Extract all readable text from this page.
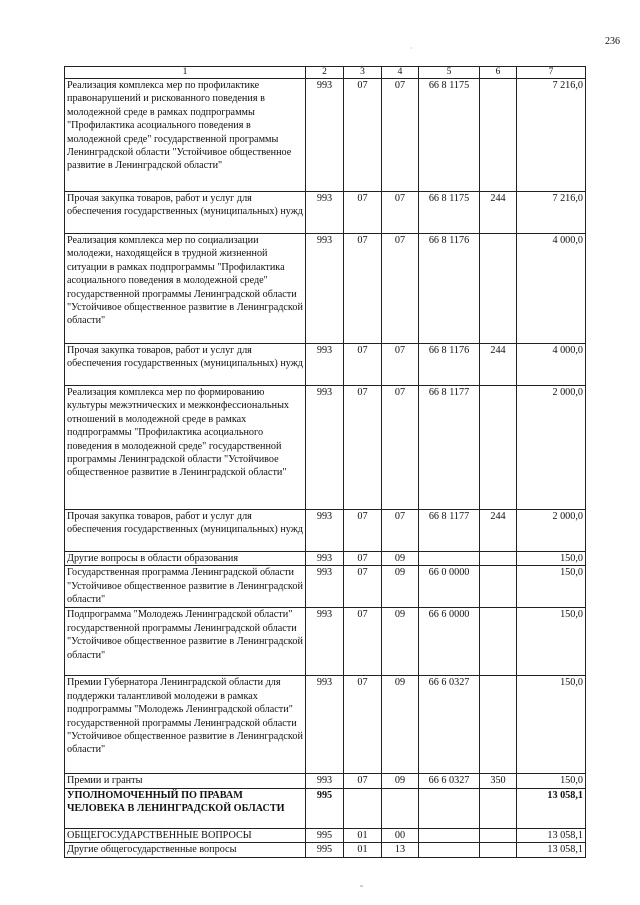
236
·
1	2	3	4	5	6	7
Реализация комплекса мер по профилактике правонарушений и рискованного поведения в молодежной среде в рамках подпрограммы "Профилактика асоциального поведения в молодежной среде" государственной программы Ленинградской области "Устойчивое общественное развитие в Ленинградской области"	993	07	07	66 8 1175		7 216,0
Прочая закупка товаров, работ и услуг для обеспечения государственных (муниципальных) нужд	993	07	07	66 8 1175	244	7 216,0
Реализация комплекса мер по социализации молодежи, находящейся в трудной жизненной ситуации в рамках подпрограммы "Профилактика асоциального поведения в молодежной среде" государственной программы Ленинградской области "Устойчивое общественное развитие в Ленинградской области"	993	07	07	66 8 1176		4 000,0
Прочая закупка товаров, работ и услуг для обеспечения государственных (муниципальных) нужд	993	07	07	66 8 1176	244	4 000,0
Реализация комплекса мер по формированию культуры межэтнических и межконфессиональных отношений в молодежной среде в рамках подпрограммы "Профилактика асоциального поведения в молодежной среде" государственной программы Ленинградской области "Устойчивое общественное развитие в Ленинградской области"	993	07	07	66 8 1177		2 000,0
Прочая закупка товаров, работ и услуг для обеспечения государственных (муниципальных) нужд	993	07	07	66 8 1177	244	2 000,0
Другие вопросы в области образования	993	07	09			150,0
Государственная программа Ленинградской области "Устойчивое общественное развитие в Ленинградской области"	993	07	09	66 0 0000		150,0
Подпрограмма "Молодежь Ленинградской области" государственной программы Ленинградской области "Устойчивое общественное развитие в Ленинградской области"	993	07	09	66 6 0000		150,0
Премии Губернатора Ленинградской области для поддержки талантливой молодежи в рамках подпрограммы "Молодежь Ленинградской области" государственной программы Ленинградской области "Устойчивое общественное развитие в Ленинградской области"	993	07	09	66 6 0327		150,0
Премии и гранты	993	07	09	66 6 0327	350	150,0
УПОЛНОМОЧЕННЫЙ ПО ПРАВАМ ЧЕЛОВЕКА В ЛЕНИНГРАДСКОЙ ОБЛАСТИ	995					13 058,1
ОБЩЕГОСУДАРСТВЕННЫЕ ВОПРОСЫ	995	01	00			13 058,1
Другие общегосударственные вопросы	995	01	13			13 058,1
˜
